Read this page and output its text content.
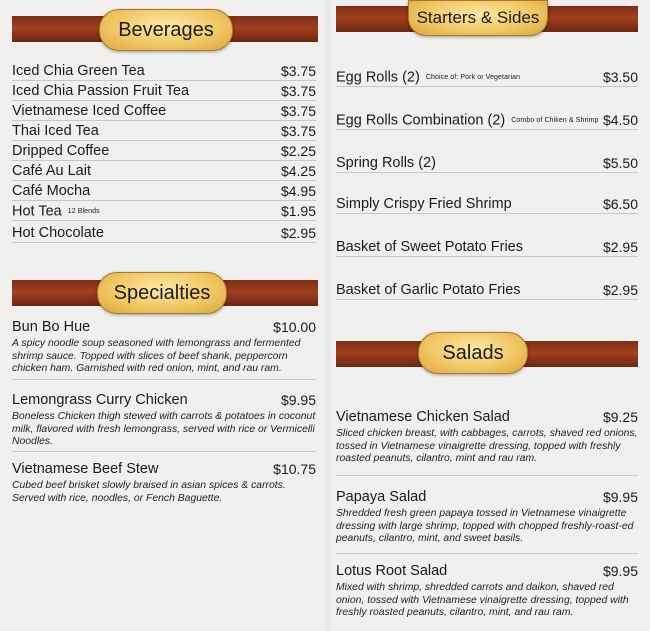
Beverages
Iced Chia Green Tea	$3.75
Iced Chia Passion Fruit Tea	$3.75
Vietnamese Iced Coffee	$3.75
Thai Iced Tea	$3.75
Dripped Coffee	$2.25
Café Au Lait	$4.25
Café Mocha	$4.95
Hot Tea 12 Blends	$1.95
Hot Chocolate	$2.95
Specialties
Bun Bo Hue	$10.00
A spicy noodle soup seasoned with lemongrass and fermented shrimp sauce. Topped with slices of beef shank, peppercorn chicken ham. Garnished with red onion, mint, and rau ram.
Lemongrass Curry Chicken	$9.95
Boneless Chicken thigh stewed with carrots & potatoes in coconut milk, flavored with fresh lemongrass, served with rice or Vermicelli Noodles.
Vietnamese Beef Stew	$10.75
Cubed beef brisket slowly braised in asian spices & carrots. Served with rice, noodles, or Fench Baguette.
Starters & Sides
Egg Rolls (2) Choice of: Pork or Vegetarian	$3.50
Egg Rolls Combination (2) Combo of Chiken & Shrimp $4.50
Spring Rolls (2)	$5.50
Simply Crispy Fried Shrimp	$6.50
Basket of Sweet Potato Fries	$2.95
Basket of Garlic Potato Fries	$2.95
Salads
Vietnamese Chicken Salad	$9.25
Sliced chicken breast, with cabbages, carrots, shaved red onions, tossed in Vietnamese vinaigrette dressing, topped with freshly roasted peanuts, cilantro, mint and rau ram.
Papaya Salad	$9.95
Shredded fresh green papaya tossed in Vietnamese vinaigrette dressing with large shrimp, topped with chopped freshly-roast-ed peanuts, cilantro, mint, and sweet basils.
Lotus Root Salad	$9.95
Mixed with shrimp, shredded carrots and daikon, shaved red onion, tossed with Vietnamese vinaigrette dressing, topped with freshly roasted peanuts, cilantro, mint, and rau ram.
